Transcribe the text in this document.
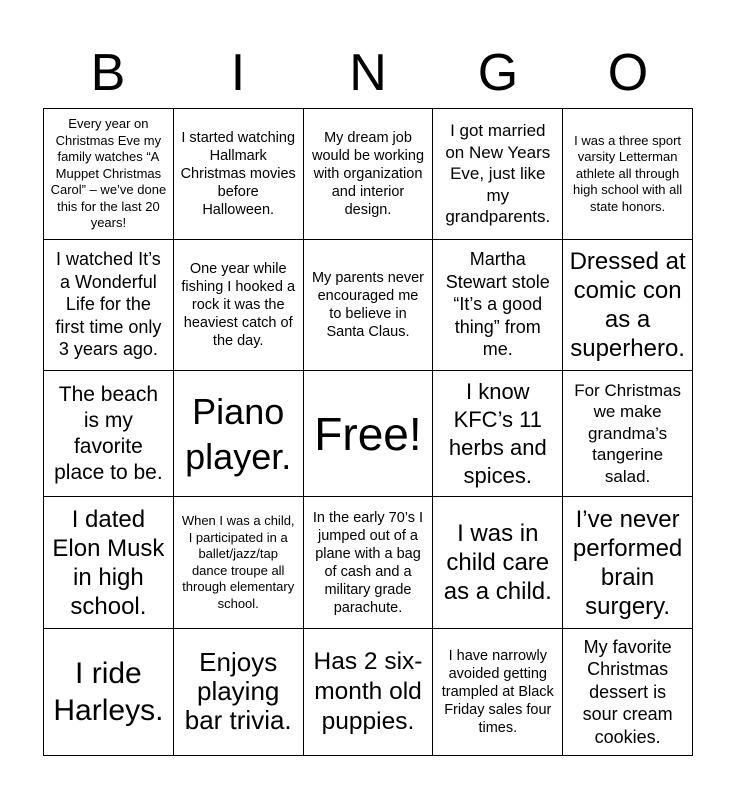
B	I	N	G	O
Every year on Christmas Eve my family watches “A Muppet Christmas Carol” – we’ve done this for the last 20 years!	I started watching Hallmark Christmas movies before Halloween.	My dream job would be working with organization and interior design.	I got married on New Years Eve, just like my grandparents.	I was a three sport varsity Letterman athlete all through high school with all state honors.

I watched It’s a Wonderful Life for the first time only 3 years ago.	One year while fishing I hooked a rock it was the heaviest catch of the day.	My parents never encouraged me to believe in Santa Claus.	Martha Stewart stole “It’s a good thing” from me.	Dressed at comic con as a superhero.

The beach is my favorite place to be.	Piano player.	Free!	I know KFC’s 11 herbs and spices.	For Christmas we make grandma’s tangerine salad.

I dated Elon Musk in high school.	When I was a child, I participated in a ballet/jazz/tap dance troupe all through elementary school.	In the early 70’s I jumped out of a plane with a bag of cash and a military grade parachute.	I was in child care as a child.	I’ve never performed brain surgery.

I ride Harleys.	Enjoys playing bar trivia.	Has 2 six-month old puppies.	I have narrowly avoided getting trampled at Black Friday sales four times.	My favorite Christmas dessert is sour cream cookies.
